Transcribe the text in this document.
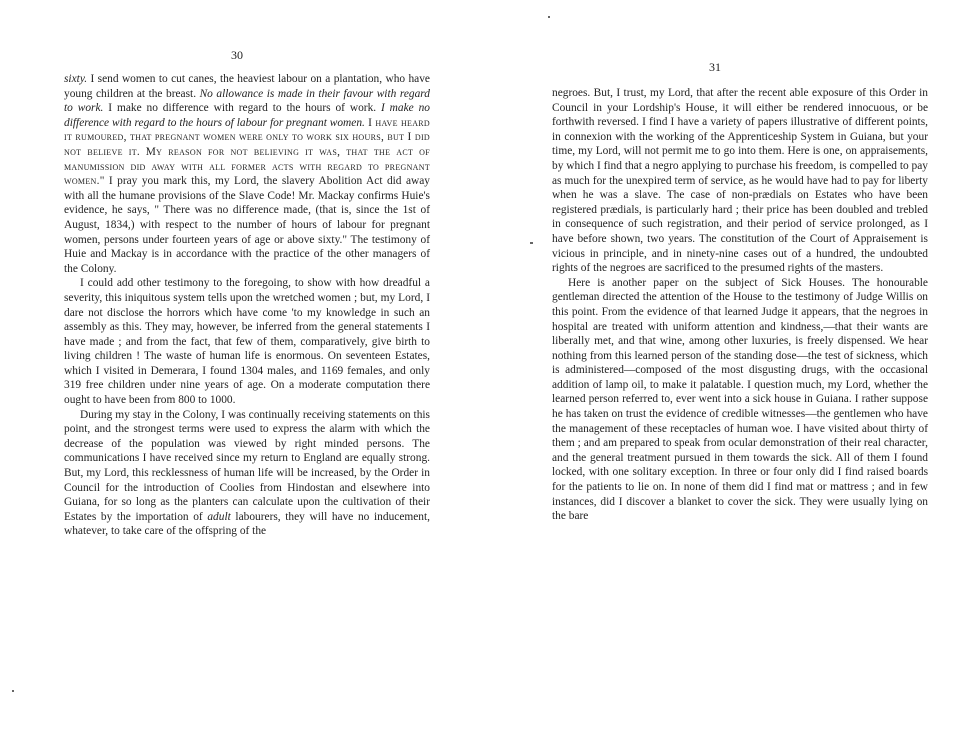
30

sixty. I send women to cut canes, the heaviest labour on a plantation, who have young children at the breast. No allowance is made in their favour with regard to work. I make no difference with regard to the hours of work. I make no difference with regard to the hours of labour for pregnant women. I have heard it rumoured, that pregnant women were only to work six hours, but I did not believe it. My reason for not believing it was, that the act of manumission did away with all former acts with regard to pregnant women." I pray you mark this, my Lord, the slavery Abolition Act did away with all the humane provisions of the Slave Code! Mr. Mackay confirms Huie's evidence, he says, " There was no difference made, (that is, since the 1st of August, 1834,) with respect to the number of hours of labour for pregnant women, persons under fourteen years of age or above sixty." The testimony of Huie and Mackay is in accordance with the practice of the other managers of the Colony.

I could add other testimony to the foregoing, to show with how dreadful a severity, this iniquitous system tells upon the wretched women ; but, my Lord, I dare not disclose the horrors which have come 'to my knowledge in such an assembly as this. They may, however, be inferred from the general statements I have made ; and from the fact, that few of them, comparatively, give birth to living children ! The waste of human life is enormous. On seventeen Estates, which I visited in Demerara, I found 1304 males, and 1169 females, and only 319 free children under nine years of age. On a moderate computation there ought to have been from 800 to 1000.

During my stay in the Colony, I was continually receiving statements on this point, and the strongest terms were used to express the alarm with which the decrease of the population was viewed by right minded persons. The communications I have received since my return to England are equally strong. But, my Lord, this recklessness of human life will be increased, by the Order in Council for the introduction of Coolies from Hindostan and elsewhere into Guiana, for so long as the planters can calculate upon the cultivation of their Estates by the importation of adult labourers, they will have no inducement, whatever, to take care of the offspring of the

31

negroes. But, I trust, my Lord, that after the recent able exposure of this Order in Council in your Lordship's House, it will either be rendered innocuous, or be forthwith reversed. I find I have a variety of papers illustrative of different points, in connexion with the working of the Apprenticeship System in Guiana, but your time, my Lord, will not permit me to go into them. Here is one, on appraisements, by which I find that a negro applying to purchase his freedom, is compelled to pay as much for the unexpired term of service, as he would have had to pay for liberty when he was a slave. The case of non-prædials on Estates who have been registered prædials, is particularly hard ; their price has been doubled and trebled in consequence of such registration, and their period of service prolonged, as I have before shown, two years. The constitution of the Court of Appraisement is vicious in principle, and in ninety-nine cases out of a hundred, the undoubted rights of the negroes are sacrificed to the presumed rights of the masters.

Here is another paper on the subject of Sick Houses. The honourable gentleman directed the attention of the House to the testimony of Judge Willis on this point. From the evidence of that learned Judge it appears, that the negroes in hospital are treated with uniform attention and kindness,—that their wants are liberally met, and that wine, among other luxuries, is freely dispensed. We hear nothing from this learned person of the standing dose—the test of sickness, which is administered—composed of the most disgusting drugs, with the occasional addition of lamp oil, to make it palatable. I question much, my Lord, whether the learned person referred to, ever went into a sick house in Guiana. I rather suppose he has taken on trust the evidence of credible witnesses—the gentlemen who have the management of these receptacles of human woe. I have visited about thirty of them ; and am prepared to speak from ocular demonstration of their real character, and the general treatment pursued in them towards the sick. All of them I found locked, with one solitary exception. In three or four only did I find raised boards for the patients to lie on. In none of them did I find mat or mattress ; and in few instances, did I discover a blanket to cover the sick. They were usually lying on the bare
